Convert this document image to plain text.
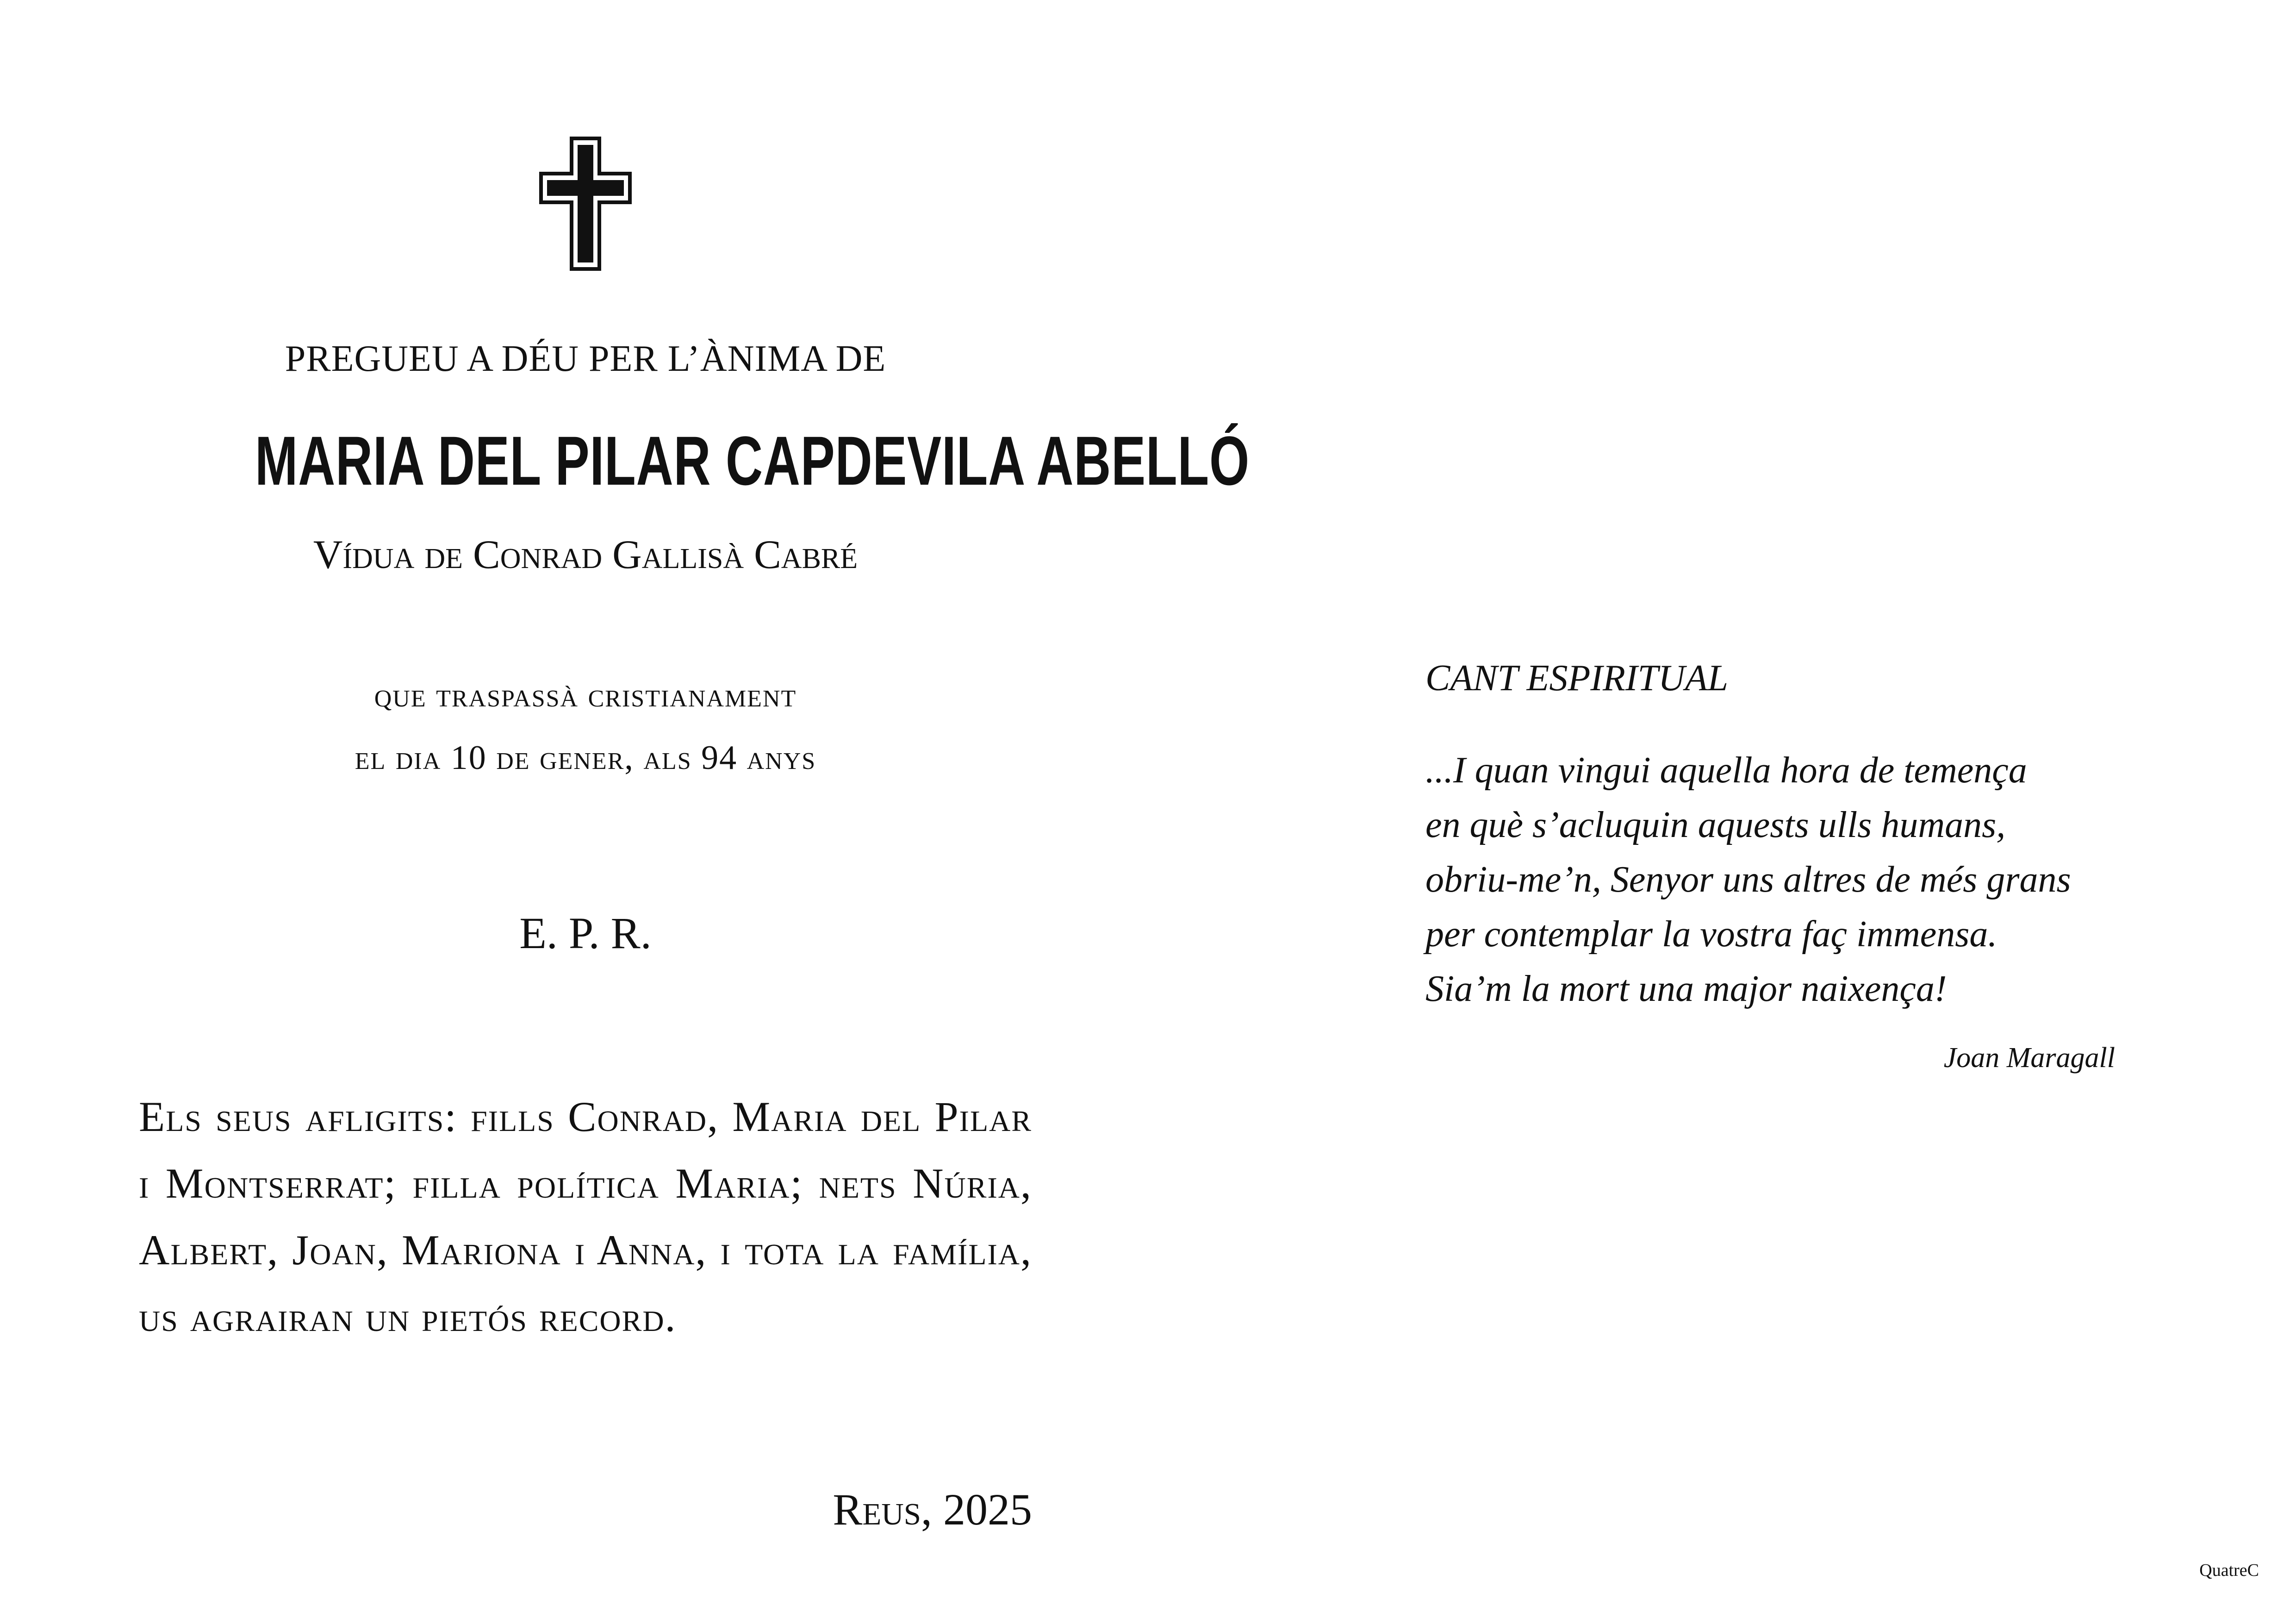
PREGUEU A DÉU PER L’ÀNIMA DE
MARIA DEL PILAR CAPDEVILA ABELLÓ
Vídua de Conrad Gallisà Cabré
que traspassà cristianament
el dia 10 de gener, als 94 anys
E. P. R.
Els seus afligits: fills Conrad, Maria del Pilar i Montserrat; filla política Maria; nets Núria, Albert, Joan, Mariona i Anna, i tota la família, us agrairan un pietós record.
Reus, 2025
CANT ESPIRITUAL
...I quan vingui aquella hora de temença
en què s’acluquin aquests ulls humans,
obriu-me’n, Senyor uns altres de més grans
per contemplar la vostra faç immensa.
Sia’m la mort una major naixença!
Joan Maragall
QuatreC
